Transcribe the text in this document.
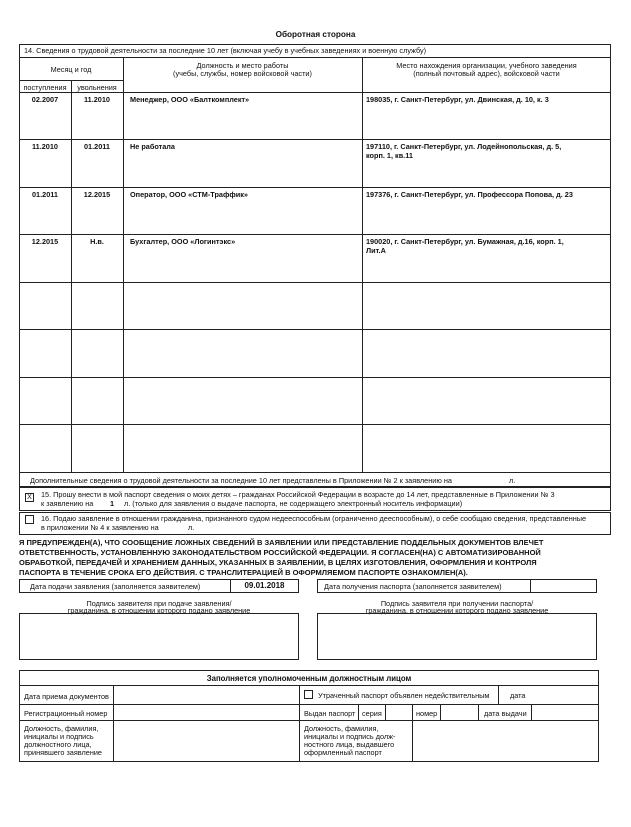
Оборотная сторона
14. Сведения о трудовой деятельности за последние 10 лет (включая учебу в учебных заведениях и военную службу)
Месяц и год	Должность и место работы
(учебы, службы, номер войсковой части)
Место нахождения организации, учебного заведения
(полный почтовый адрес), войсковой части
поступления	увольнения
02.2007	11.2010	Менеджер, ООО «Балткомплект»	198035, г. Санкт-Петербург, ул. Двинская, д. 10, к. 3
11.2010	01.2011	Не работала	197110, г. Санкт-Петербург, ул. Лодейнопольская, д. 5,
корп. 1, кв.11
01.2011	12.2015	Оператор, ООО «СТМ-Траффик»	197376, г. Санкт-Петербург, ул. Профессора Попова, д. 23
12.2015	Н.в.	Бухгалтер, ООО «Логинтэкс»	190020, г. Санкт-Петербург, ул. Бумажная, д.16, корп. 1,
Лит.А
Дополнительные сведения о трудовой деятельности за последние 10 лет представлены в Приложении № 2 к заявлению на	л.
X 15. Прошу внести в мой паспорт сведения о моих детях – гражданах Российской Федерации в возрасте до 14 лет, представленные в Приложении № 3
к заявлению на 1 л. (только для заявления о выдаче паспорта, не содержащего электронный носитель информации)
16. Подаю заявление в отношении гражданина, признанного судом недееспособным (ограниченно дееспособным), о себе сообщаю сведения, представленные
в приложении № 4 к заявлению на	л.
Я ПРЕДУПРЕЖДЕН(А), ЧТО СООБЩЕНИЕ ЛОЖНЫХ СВЕДЕНИЙ В ЗАЯВЛЕНИИ ИЛИ ПРЕДСТАВЛЕНИЕ ПОДДЕЛЬНЫХ ДОКУМЕНТОВ ВЛЕЧЕТ
ОТВЕТСТВЕННОСТЬ, УСТАНОВЛЕННУЮ ЗАКОНОДАТЕЛЬСТВОМ РОССИЙСКОЙ ФЕДЕРАЦИИ. Я СОГЛАСЕН(НА) С АВТОМАТИЗИРОВАННОЙ
ОБРАБОТКОЙ, ПЕРЕДАЧЕЙ И ХРАНЕНИЕМ ДАННЫХ, УКАЗАННЫХ В ЗАЯВЛЕНИИ, В ЦЕЛЯХ ИЗГОТОВЛЕНИЯ, ОФОРМЛЕНИЯ И КОНТРОЛЯ
ПАСПОРТА В ТЕЧЕНИЕ СРОКА ЕГО ДЕЙСТВИЯ. С ТРАНСЛИТЕРАЦИЕЙ В ОФОРМЛЯЕМОМ ПАСПОРТЕ ОЗНАКОМЛЕН(А).
Дата подачи заявления (заполняется заявителем)	09.01.2018	Дата получения паспорта (заполняется заявителем)
Подпись заявителя при подаче заявления/
гражданина, в отношении которого подано заявление
Подпись заявителя при получении паспорта/
гражданина, в отношении которого подано заявление
Заполняется уполномоченным должностным лицом
Дата приема документов	Утраченный паспорт объявлен недействительным	дата
Регистрационный номер	Выдан паспорт серия	номер	дата выдачи
Должность, фамилия,
инициалы и подпись
должностного лица,
принявшего заявление
Должность, фамилия,
инициалы и подпись долж-
ностного лица, выдавшего
оформленный паспорт
